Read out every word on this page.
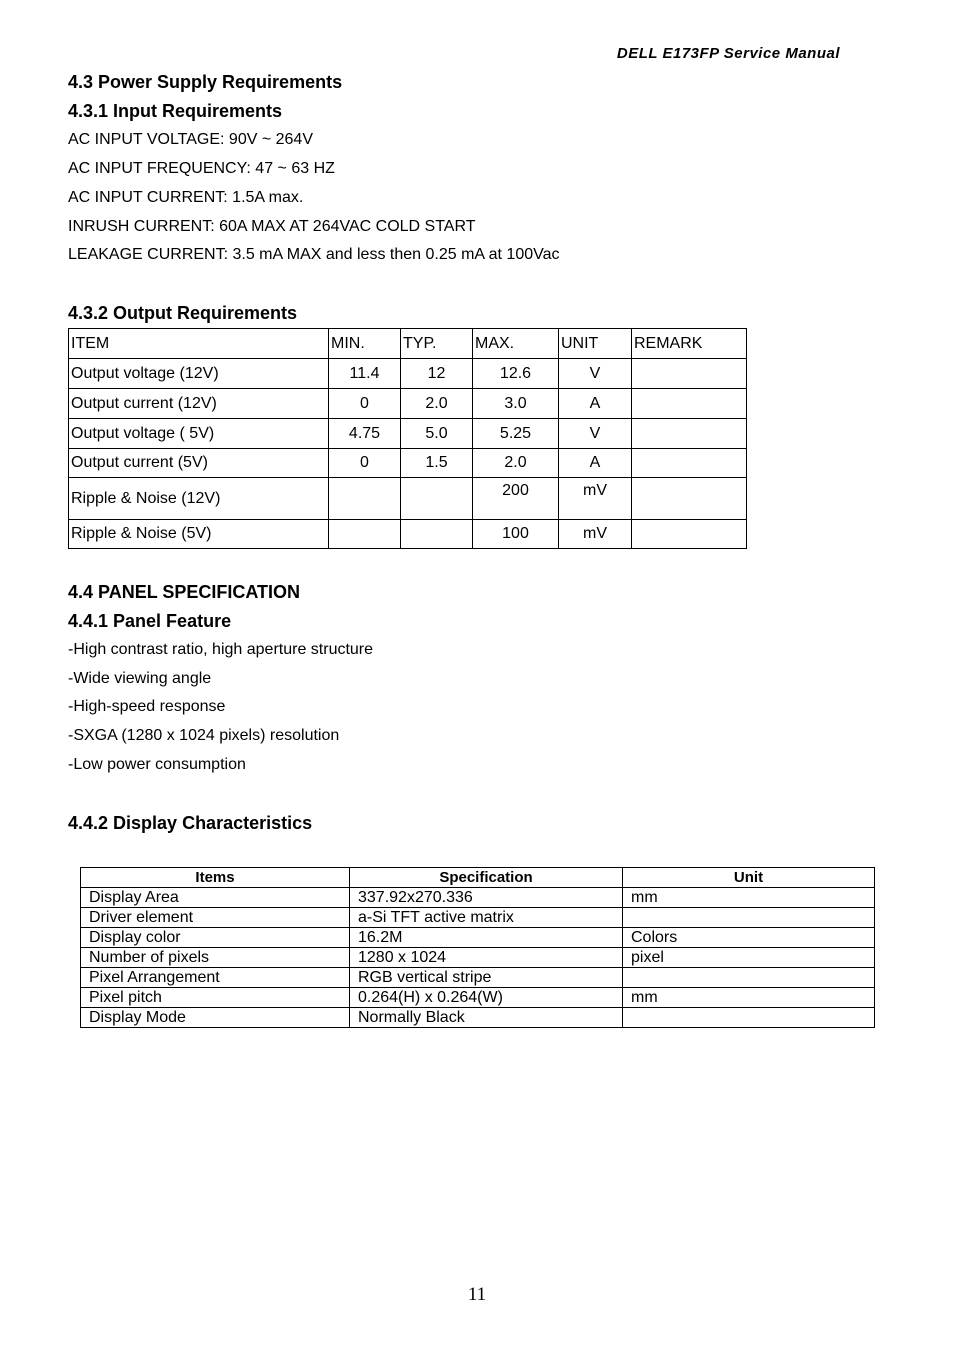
DELL E173FP Service Manual
4.3 Power Supply Requirements
4.3.1 Input Requirements
AC INPUT VOLTAGE: 90V ~ 264V
AC INPUT FREQUENCY: 47 ~ 63 HZ
AC INPUT CURRENT: 1.5A max.
INRUSH CURRENT: 60A MAX AT 264VAC COLD START
LEAKAGE CURRENT: 3.5 mA MAX and less then 0.25 mA at 100Vac
4.3.2 Output Requirements
ITEM	MIN.	TYP.	MAX.	UNIT	REMARK
Output voltage (12V)	11.4	12	12.6	V	
Output current (12V)	0	2.0	3.0	A	
Output voltage ( 5V)	4.75	5.0	5.25	V	
Output current (5V)	0	1.5	2.0	A	
Ripple & Noise (12V)			200	mV	
Ripple & Noise (5V)			100	mV	
4.4 PANEL SPECIFICATION
4.4.1 Panel Feature
-High contrast ratio, high aperture structure
-Wide viewing angle
-High-speed response
-SXGA (1280 x 1024 pixels) resolution
-Low power consumption
4.4.2 Display Characteristics
Items	Specification	Unit
Display Area	337.92x270.336	mm
Driver element	a-Si TFT active matrix	
Display color	16.2M	Colors
Number of pixels	1280 x 1024	pixel
Pixel Arrangement	RGB vertical stripe	
Pixel pitch	0.264(H) x 0.264(W)	mm
Display Mode	Normally Black	
11
